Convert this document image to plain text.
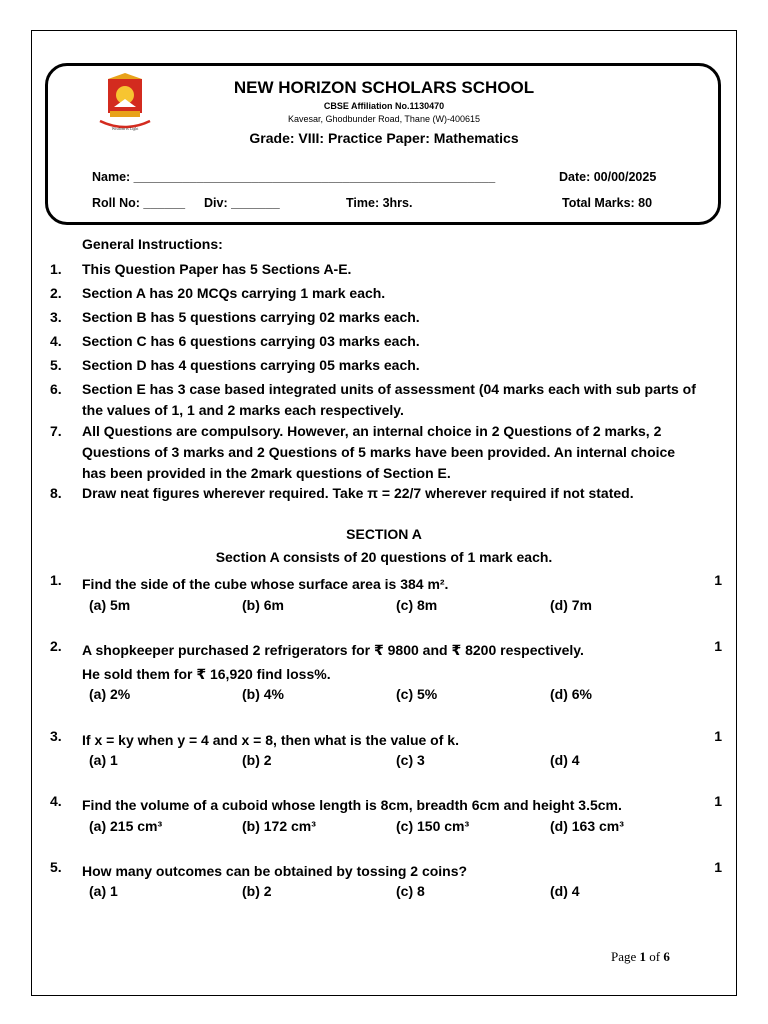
Wisdom is Light
NEW HORIZON SCHOLARS SCHOOL
CBSE Affiliation No.1130470
Kavesar, Ghodbunder Road, Thane (W)-400615
Grade: VIII: Practice Paper: Mathematics
Name: ____________________________________________________	Date: 00/00/2025
Roll No: ______ Div: _______	Time: 3hrs.	Total Marks: 80
General Instructions:
1. This Question Paper has 5 Sections A-E.
2. Section A has 20 MCQs carrying 1 mark each.
3. Section B has 5 questions carrying 02 marks each.
4. Section C has 6 questions carrying 03 marks each.
5. Section D has 4 questions carrying 05 marks each.
6. Section E has 3 case based integrated units of assessment (04 marks each with sub parts of the values of 1, 1 and 2 marks each respectively.
7. All Questions are compulsory. However, an internal choice in 2 Questions of 2 marks, 2 Questions of 3 marks and 2 Questions of 5 marks have been provided. An internal choice has been provided in the 2mark questions of Section E.
8. Draw neat figures wherever required. Take π = 22/7 wherever required if not stated.
SECTION A
Section A consists of 20 questions of 1 mark each.
1. Find the side of the cube whose surface area is 384 m².	1
(a) 5m	(b) 6m	(c) 8m	(d) 7m
2. A shopkeeper purchased 2 refrigerators for ₹ 9800 and ₹ 8200 respectively.	1
He sold them for ₹ 16,920 find loss%.
(a) 2%	(b) 4%	(c) 5%	(d) 6%
3. If x = ky when y = 4 and x = 8, then what is the value of k.	1
(a) 1	(b) 2	(c) 3	(d) 4
4. Find the volume of a cuboid whose length is 8cm, breadth 6cm and height 3.5cm.	1
(a) 215 cm³	(b) 172 cm³	(c) 150 cm³	(d) 163 cm³
5. How many outcomes can be obtained by tossing 2 coins?	1
(a) 1	(b) 2	(c) 8	(d) 4
Page 1 of 6
